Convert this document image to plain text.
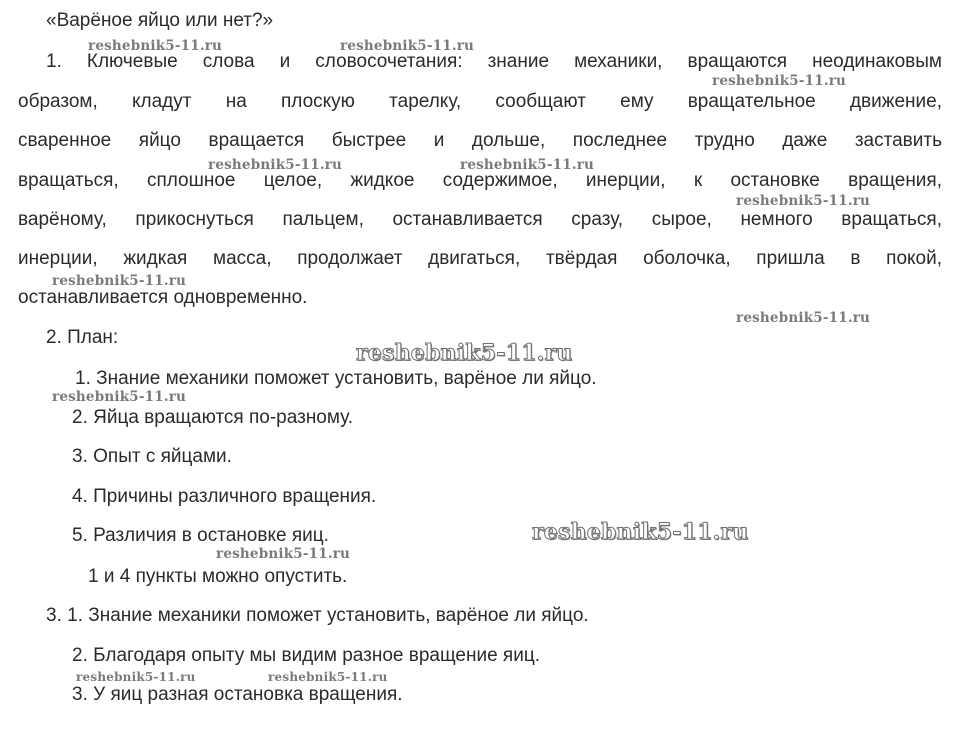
«Варёное яйцо или нет?»
1. Ключевые слова и словосочетания: знание механики, вращаются неодинаковым
образом, кладут на плоскую тарелку, сообщают ему вращательное движение,
сваренное яйцо вращается быстрее и дольше, последнее трудно даже заставить
вращаться, сплошное целое, жидкое содержимое, инерции, к остановке вращения,
варёному, прикоснуться пальцем, останавливается сразу, сырое, немного вращаться,
инерции, жидкая масса, продолжает двигаться, твёрдая оболочка, пришла в покой,
останавливается одновременно.
2. План:
1. Знание механики поможет установить, варёное ли яйцо.
2. Яйца вращаются по-разному.
3. Опыт с яйцами.
4. Причины различного вращения.
5. Различия в остановке яиц.
1 и 4 пункты можно опустить.
3. 1. Знание механики поможет установить, варёное ли яйцо.
2. Благодаря опыту мы видим разное вращение яиц.
3. У яиц разная остановка вращения.
reshebnik5-11.ru	reshebnik5-11.ru
reshebnik5-11.ru
reshebnik5-11.ru	reshebnik5-11.ru
reshebnik5-11.ru
reshebnik5-11.ru
reshebnik5-11.ru
reshebnik5-11.ru
reshebnik5-11.ru
reshebnik5-11.ru
reshebnik5-11.ru
reshebnik5-11.ru	reshebnik5-11.ru
